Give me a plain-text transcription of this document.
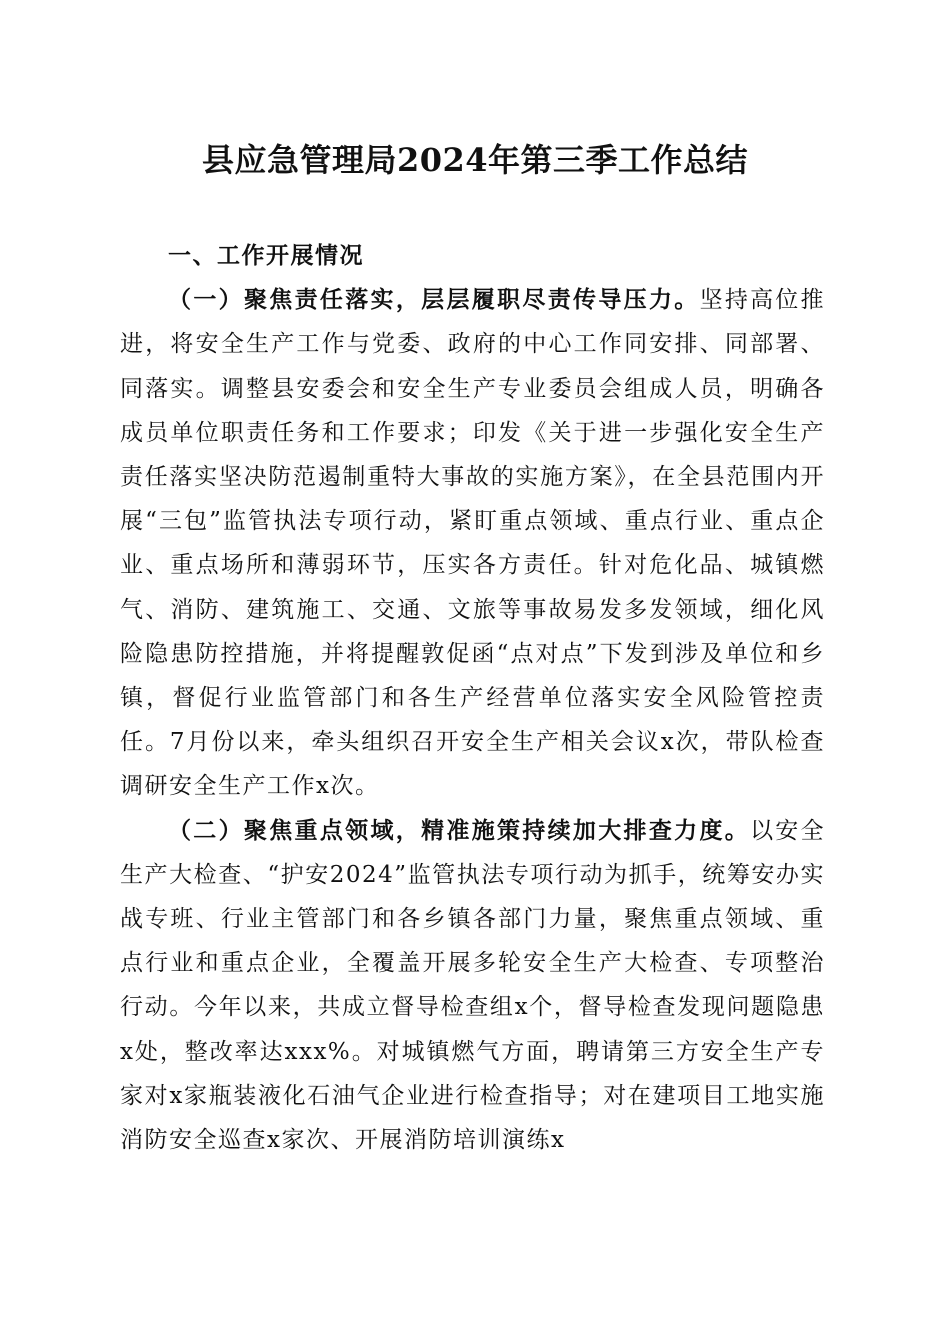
县应急管理局2024年第三季工作总结

一、工作开展情况

（一）聚焦责任落实，层层履职尽责传导压力。坚持高位推进，将安全生产工作与党委、政府的中心工作同安排、同部署、同落实。调整县安委会和安全生产专业委员会组成人员，明确各成员单位职责任务和工作要求；印发《关于进一步强化安全生产责任落实坚决防范遏制重特大事故的实施方案》，在全县范围内开展“三包”监管执法专项行动，紧盯重点领域、重点行业、重点企业、重点场所和薄弱环节，压实各方责任。针对危化品、城镇燃气、消防、建筑施工、交通、文旅等事故易发多发领域，细化风险隐患防控措施，并将提醒敦促函“点对点”下发到涉及单位和乡镇，督促行业监管部门和各生产经营单位落实安全风险管控责任。7月份以来，牵头组织召开安全生产相关会议x次，带队检查调研安全生产工作x次。

（二）聚焦重点领域，精准施策持续加大排查力度。以安全生产大检查、“护安2024”监管执法专项行动为抓手，统筹安办实战专班、行业主管部门和各乡镇各部门力量，聚焦重点领域、重点行业和重点企业，全覆盖开展多轮安全生产大检查、专项整治行动。今年以来，共成立督导检查组x个，督导检查发现问题隐患x处，整改率达xxx%。对城镇燃气方面，聘请第三方安全生产专家对x家瓶装液化石油气企业进行检查指导；对在建项目工地实施消防安全巡查x家次、开展消防培训演练x
